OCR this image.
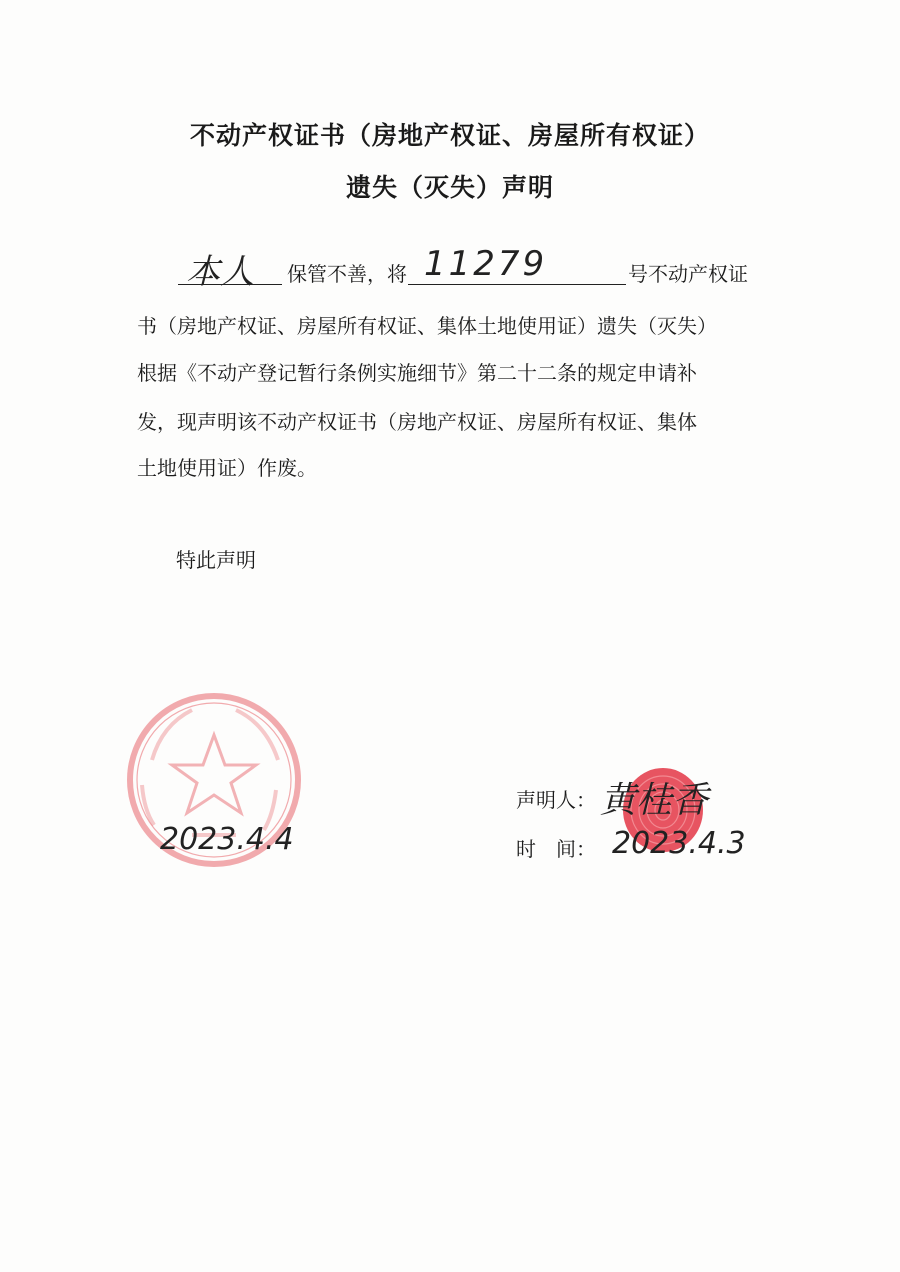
不动产权证书（房地产权证、房屋所有权证）
遗失（灭失）声明
本人 保管不善，将 11279	号不动产权证
书（房地产权证、房屋所有权证、集体土地使用证）遗失（灭失）
根据《不动产登记暂行条例实施细节》第二十二条的规定申请补
发，现声明该不动产权证书（房地产权证、房屋所有权证、集体
土地使用证）作废。
特此声明
2023.4.4
声明人： 黄桂香
时　间： 2023.4.3
